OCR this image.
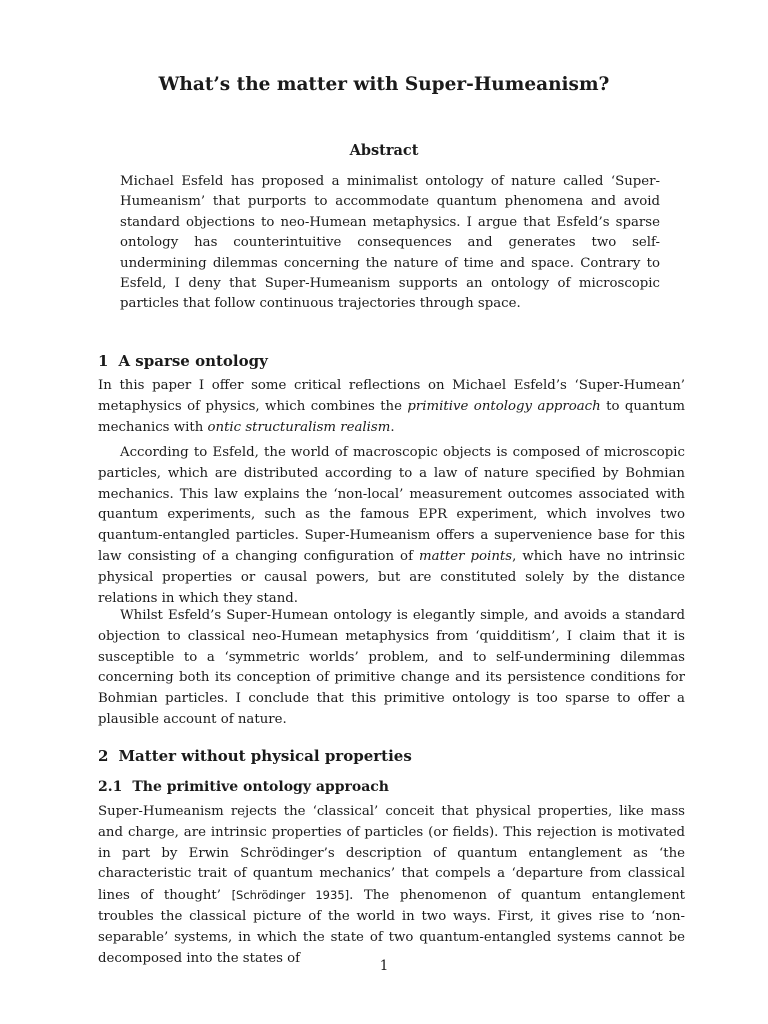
What’s the matter with Super-Humeanism?
Abstract

Michael Esfeld has proposed a minimalist ontology of nature called ‘Super-Humeanism’ that purports to accommodate quantum phenomena and avoid standard objections to neo-Humean metaphysics. I argue that Esfeld’s sparse ontology has counterintuitive consequences and generates two self-undermining dilemmas concerning the nature of time and space. Contrary to Esfeld, I deny that Super-Humeanism supports an ontology of microscopic particles that follow continuous trajectories through space.

1 A sparse ontology

In this paper I offer some critical reflections on Michael Esfeld’s ‘Super-Humean’ metaphysics of physics, which combines the primitive ontology approach to quantum mechanics with ontic structuralism realism.

According to Esfeld, the world of macroscopic objects is composed of microscopic particles, which are distributed according to a law of nature specified by Bohmian mechanics. This law explains the ‘non-local’ measurement outcomes associated with quantum experiments, such as the famous EPR experiment, which involves two quantum-entangled particles. Super-Humeanism offers a supervenience base for this law consisting of a changing configuration of matter points, which have no intrinsic physical properties or causal powers, but are constituted solely by the distance relations in which they stand.

Whilst Esfeld’s Super-Humean ontology is elegantly simple, and avoids a standard objection to classical neo-Humean metaphysics from ‘quidditism’, I claim that it is susceptible to a ‘symmetric worlds’ problem, and to self-undermining dilemmas concerning both its conception of primitive change and its persistence conditions for Bohmian particles. I conclude that this primitive ontology is too sparse to offer a plausible account of nature.

2 Matter without physical properties

2.1 The primitive ontology approach

Super-Humeanism rejects the ‘classical’ conceit that physical properties, like mass and charge, are intrinsic properties of particles (or fields). This rejection is motivated in part by Erwin Schrödinger’s description of quantum entanglement as ‘the characteristic trait of quantum mechanics’ that compels a ‘departure from classical lines of thought’ [Schrödinger 1935]. The phenomenon of quantum entanglement troubles the classical picture of the world in two ways. First, it gives rise to ‘non-separable’ systems, in which the state of two quantum-entangled systems cannot be decomposed into the states of	1
